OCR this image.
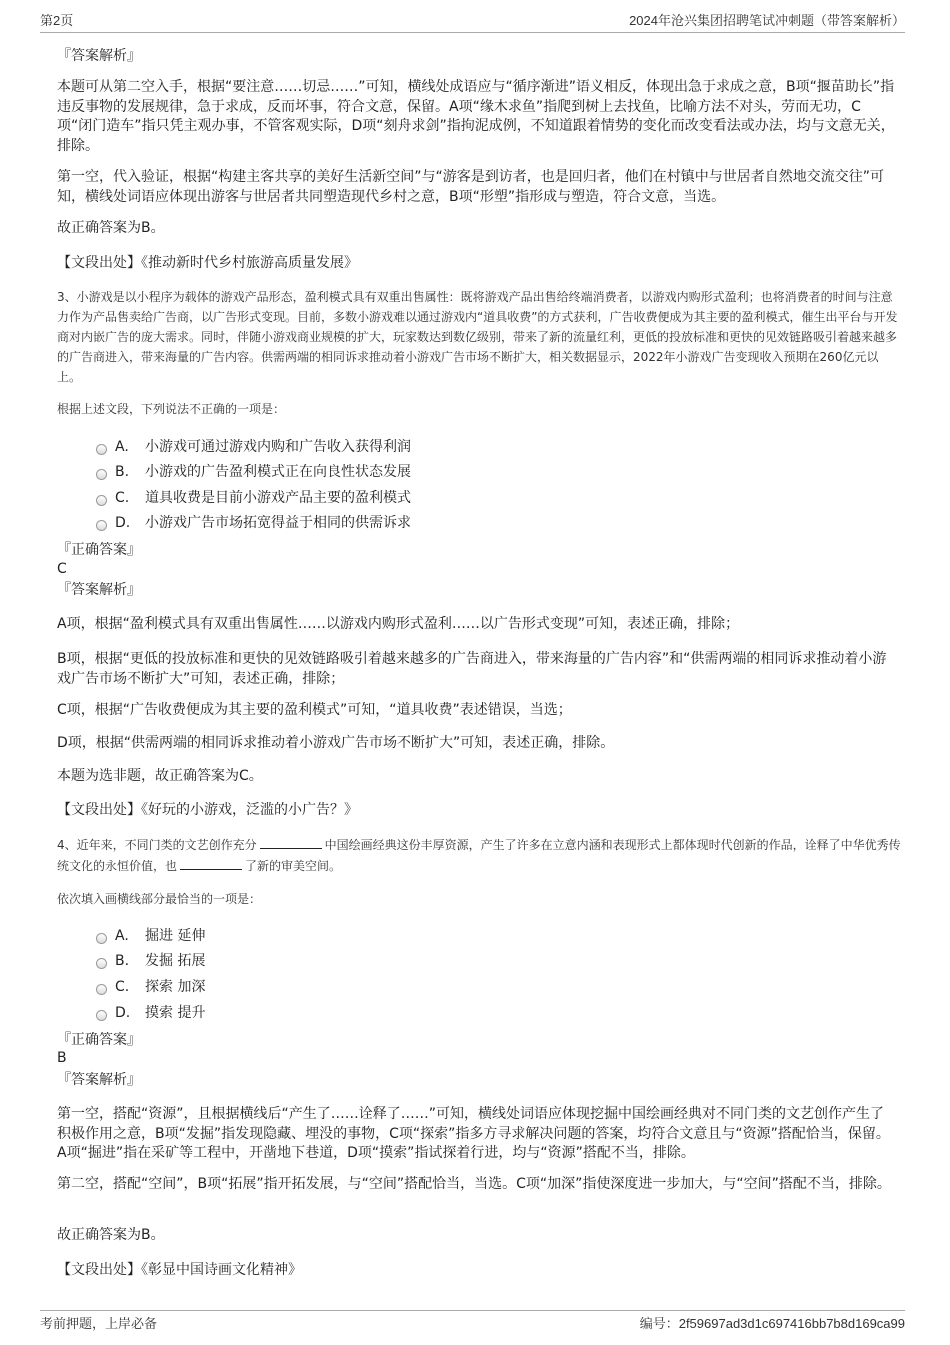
第2页	2024年沧兴集团招聘笔试冲刺题（带答案解析）
『答案解析』
本题可从第二空入手，根据“要注意……切忌……”可知，横线处成语应与“循序渐进”语义相反，体现出急于求成之意，B项“揠苗助长”指违反事物的发展规律，急于求成，反而坏事，符合文意，保留。A项“缘木求鱼”指爬到树上去找鱼，比喻方法不对头，劳而无功，C项“闭门造车”指只凭主观办事，不管客观实际，D项“刻舟求剑”指拘泥成例，不知道跟着情势的变化而改变看法或办法，均与文意无关，排除。
第一空，代入验证，根据“构建主客共享的美好生活新空间”与“游客是到访者，也是回归者，他们在村镇中与世居者自然地交流交往”可知，横线处词语应体现出游客与世居者共同塑造现代乡村之意，B项“形塑”指形成与塑造，符合文意，当选。
故正确答案为B。
【文段出处】《推动新时代乡村旅游高质量发展》
3、小游戏是以小程序为载体的游戏产品形态，盈利模式具有双重出售属性：既将游戏产品出售给终端消费者，以游戏内购形式盈利；也将消费者的时间与注意力作为产品售卖给广告商，以广告形式变现。目前，多数小游戏难以通过游戏内“道具收费”的方式获利，广告收费便成为其主要的盈利模式，催生出平台与开发商对内嵌广告的庞大需求。同时，伴随小游戏商业规模的扩大，玩家数达到数亿级别，带来了新的流量红利，更低的投放标准和更快的见效链路吸引着越来越多的广告商进入，带来海量的广告内容。供需两端的相同诉求推动着小游戏广告市场不断扩大，相关数据显示，2022年小游戏广告变现收入预期在260亿元以上。
根据上述文段，下列说法不正确的一项是：
A.	小游戏可通过游戏内购和广告收入获得利润
B.	小游戏的广告盈利模式正在向良性状态发展
C.	道具收费是目前小游戏产品主要的盈利模式
D.	小游戏广告市场拓宽得益于相同的供需诉求
『正确答案』
C
『答案解析』
A项，根据“盈利模式具有双重出售属性……以游戏内购形式盈利……以广告形式变现”可知，表述正确，排除；
B项，根据“更低的投放标准和更快的见效链路吸引着越来越多的广告商进入，带来海量的广告内容”和“供需两端的相同诉求推动着小游戏广告市场不断扩大”可知，表述正确，排除；
C项，根据“广告收费便成为其主要的盈利模式”可知，“道具收费”表述错误，当选；
D项，根据“供需两端的相同诉求推动着小游戏广告市场不断扩大”可知，表述正确，排除。
本题为选非题，故正确答案为C。
【文段出处】《好玩的小游戏，泛滥的小广告？》
4、近年来，不同门类的文艺创作充分	中国绘画经典这份丰厚资源，产生了许多在立意内涵和表现形式上都体现时代创新的作品，诠释了中华优秀传统文化的永恒价值，也	了新的审美空间。
依次填入画横线部分最恰当的一项是：
A.	掘进 延伸
B.	发掘 拓展
C.	探索 加深
D.	摸索 提升
『正确答案』
B
『答案解析』
第一空，搭配“资源”，且根据横线后“产生了……诠释了……”可知，横线处词语应体现挖掘中国绘画经典对不同门类的文艺创作产生了积极作用之意，B项“发掘”指发现隐藏、埋没的事物，C项“探索”指多方寻求解决问题的答案，均符合文意且与“资源”搭配恰当，保留。A项“掘进”指在采矿等工程中，开凿地下巷道，D项“摸索”指试探着行进，均与“资源”搭配不当，排除。
第二空，搭配“空间”，B项“拓展”指开拓发展，与“空间”搭配恰当，当选。C项“加深”指使深度进一步加大，与“空间”搭配不当，排除。
故正确答案为B。
【文段出处】《彰显中国诗画文化精神》
考前押题，上岸必备	编号：2f59697ad3d1c697416bb7b8d169ca99
